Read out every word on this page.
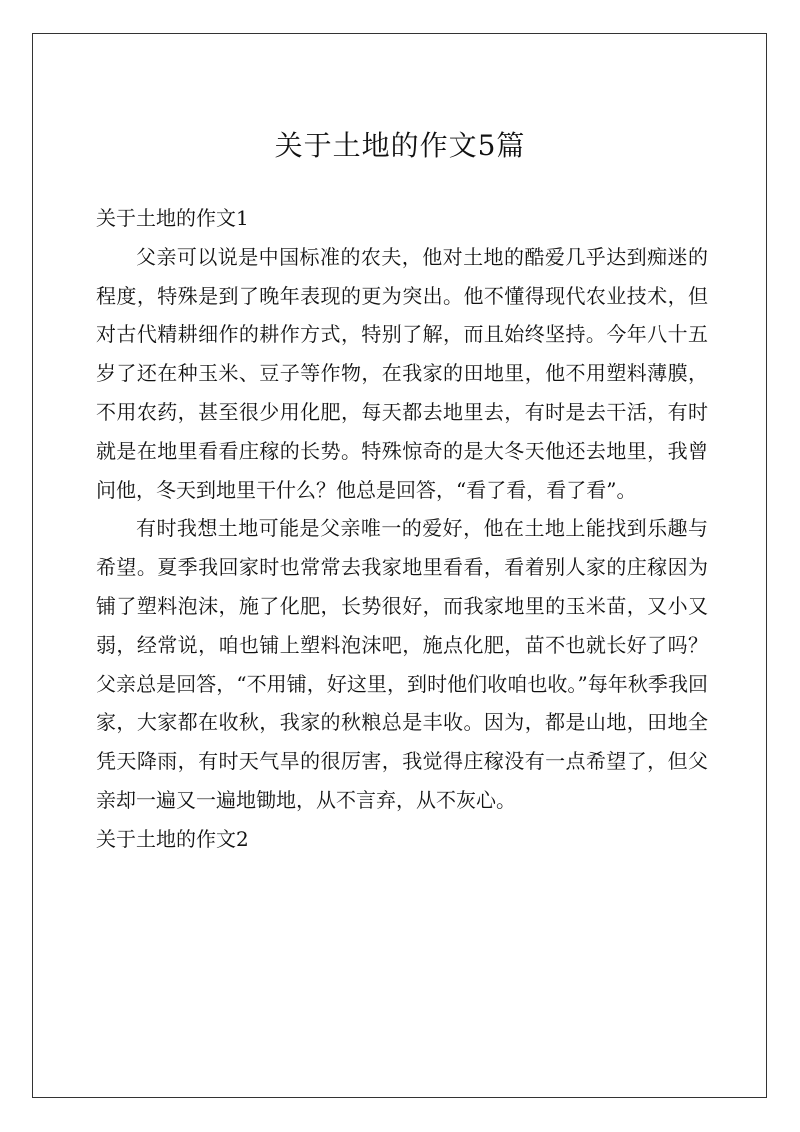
关于土地的作文5篇

关于土地的作文1

父亲可以说是中国标准的农夫，他对土地的酷爱几乎达到痴迷的程度，特殊是到了晚年表现的更为突出。他不懂得现代农业技术，但对古代精耕细作的耕作方式，特别了解，而且始终坚持。今年八十五岁了还在种玉米、豆子等作物，在我家的田地里，他不用塑料薄膜，不用农药，甚至很少用化肥，每天都去地里去，有时是去干活，有时就是在地里看看庄稼的长势。特殊惊奇的是大冬天他还去地里，我曾问他，冬天到地里干什么？他总是回答，“看了看，看了看”。

有时我想土地可能是父亲唯一的爱好，他在土地上能找到乐趣与希望。夏季我回家时也常常去我家地里看看，看着别人家的庄稼因为铺了塑料泡沫，施了化肥，长势很好，而我家地里的玉米苗，又小又弱，经常说，咱也铺上塑料泡沫吧，施点化肥，苗不也就长好了吗？父亲总是回答，“不用铺，好这里，到时他们收咱也收。”每年秋季我回家，大家都在收秋，我家的秋粮总是丰收。因为，都是山地，田地全凭天降雨，有时天气旱的很厉害，我觉得庄稼没有一点希望了，但父亲却一遍又一遍地锄地，从不言弃，从不灰心。

关于土地的作文2
